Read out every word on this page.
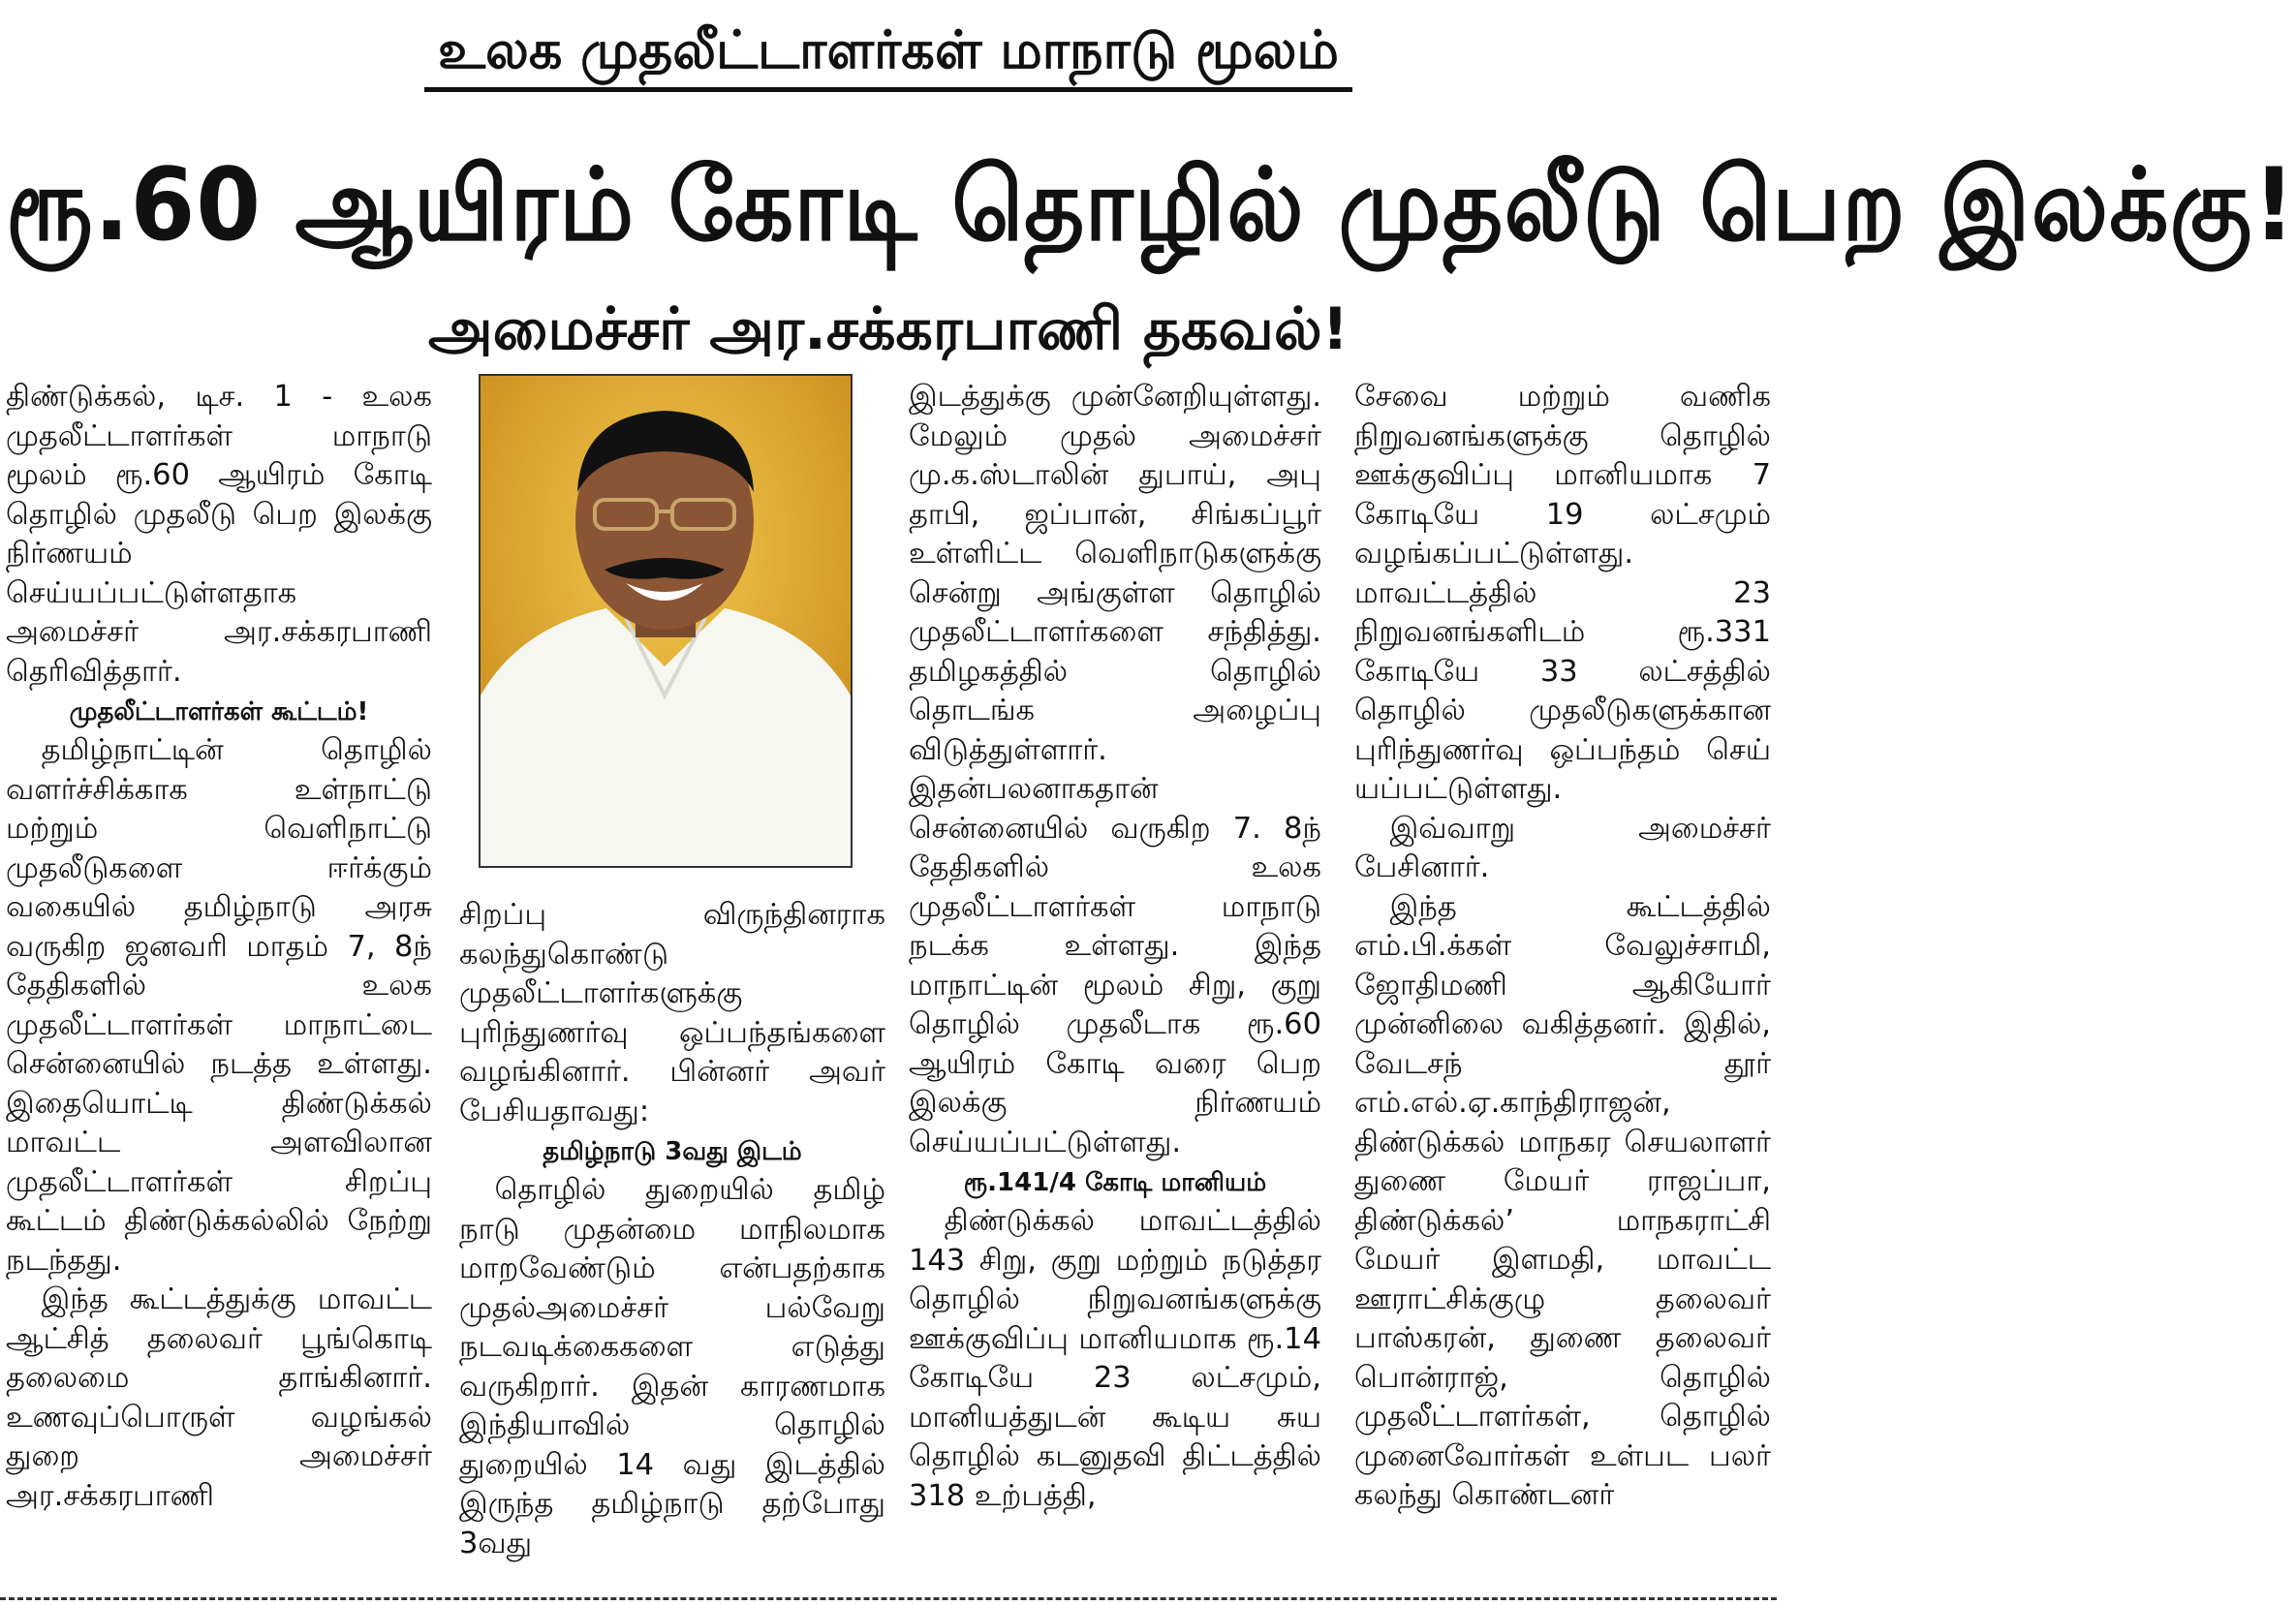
உலக முதலீட்டாளர்கள் மாநாடு மூலம்
ரூ.60 ஆயிரம் கோடி தொழில் முதலீடு பெற இலக்கு!
அமைச்சர் அர.சக்கரபாணி தகவல்!

திண்டுக்கல், டிச. 1 - உலக முதலீட்டாளர்கள் மாநாடு மூலம் ரூ.60 ஆயிரம் கோடி தொழில் முதலீடு பெற இலக்கு நிர்ணயம் செய்யப்பட்டுள்ளதாக அமைச்சர் அர.சக்கரபாணி தெரிவித்தார்.

முதலீட்டாளர்கள் கூட்டம்!

தமிழ்நாட்டின் தொழில் வளர்ச்சிக்காக உள்நாட்டு மற்றும் வெளிநாட்டு முதலீடுகளை ஈர்க்கும் வகையில் தமிழ்நாடு அரசு வருகிற ஜனவரி மாதம் 7, 8ந் தேதிகளில் உலக முதலீட்டாளர்கள் மாநாட்டை சென்னையில் நடத்த உள்ளது. இதையொட்டி திண்டுக்கல் மாவட்ட அளவிலான முதலீட்டாளர்கள் சிறப்பு கூட்டம் திண்டுக்கல்லில் நேற்று நடந்தது.

இந்த கூட்டத்துக்கு மாவட்ட ஆட்சித் தலைவர் பூங்கொடி தலைமை தாங்கினார். உணவுப்பொருள் வழங்கல் துறை அமைச்சர் அர.சக்கரபாணி

சிறப்பு விருந்தினராக கலந்துகொண்டு முதலீட்டாளர்களுக்கு புரிந்துணர்வு ஒப்பந்தங்களை வழங்கினார். பின்னர் அவர் பேசியதாவது:

தமிழ்நாடு 3வது இடம்

தொழில் துறையில் தமிழ் நாடு முதன்மை மாநிலமாக மாறவேண்டும் என்பதற்காக முதல்அமைச்சர் பல்வேறு நடவடிக்கைகளை எடுத்து வருகிறார். இதன் காரணமாக இந்தியாவில் தொழில் துறையில் 14 வது இடத்தில் இருந்த தமிழ்நாடு தற்போது 3வது

இடத்துக்கு முன்னேறியுள்ளது. மேலும் முதல் அமைச்சர் மு.க.ஸ்டாலின் துபாய், அபு தாபி, ஜப்பான், சிங்கப்பூர் உள்ளிட்ட வெளிநாடுகளுக்கு சென்று அங்குள்ள தொழில் முதலீட்டாளர்களை சந்தித்து. தமிழகத்தில் தொழில் தொடங்க அழைப்பு விடுத்துள்ளார். இதன்பலனாகதான் சென்னையில் வருகிற 7. 8ந் தேதிகளில் உலக முதலீட்டாளர்கள் மாநாடு நடக்க உள்ளது. இந்த மாநாட்டின் மூலம் சிறு, குறு தொழில் முதலீடாக ரூ.60 ஆயிரம் கோடி வரை பெற இலக்கு நிர்ணயம் செய்யப்பட்டுள்ளது.

ரூ.141/4 கோடி மானியம்

திண்டுக்கல் மாவட்டத்தில் 143 சிறு, குறு மற்றும் நடுத்தர தொழில் நிறுவனங்களுக்கு ஊக்குவிப்பு மானியமாக ரூ.14 கோடியே 23 லட்சமும், மானியத்துடன் கூடிய சுய தொழில் கடனுதவி திட்டத்தில் 318 உற்பத்தி,

சேவை மற்றும் வணிக நிறுவனங்களுக்கு தொழில் ஊக்குவிப்பு மானியமாக 7 கோடியே 19 லட்சமும் வழங்கப்பட்டுள்ளது. மாவட்டத்தில் 23 நிறுவனங்களிடம் ரூ.331 கோடியே 33 லட்சத்தில் தொழில் முதலீடுகளுக்கான புரிந்துணர்வு ஒப்பந்தம் செய் யப்பட்டுள்ளது.

இவ்வாறு அமைச்சர் பேசினார்.

இந்த கூட்டத்தில் எம்.பி.க்கள் வேலுச்சாமி, ஜோதிமணி ஆகியோர் முன்னிலை வகித்தனர். இதில், வேடசந் தூர் எம்.எல்.ஏ.காந்திராஜன், திண்டுக்கல் மாநகர செயலாளர் துணை மேயர் ராஜப்பா, திண்டுக்கல்’ மாநகராட்சி மேயர் இளமதி, மாவட்ட ஊராட்சிக்குழு தலைவர் பாஸ்கரன், துணை தலைவர் பொன்ராஜ், தொழில் முதலீட்டாளர்கள், தொழில் முனைவோர்கள் உள்பட பலர் கலந்து கொண்டனர்
